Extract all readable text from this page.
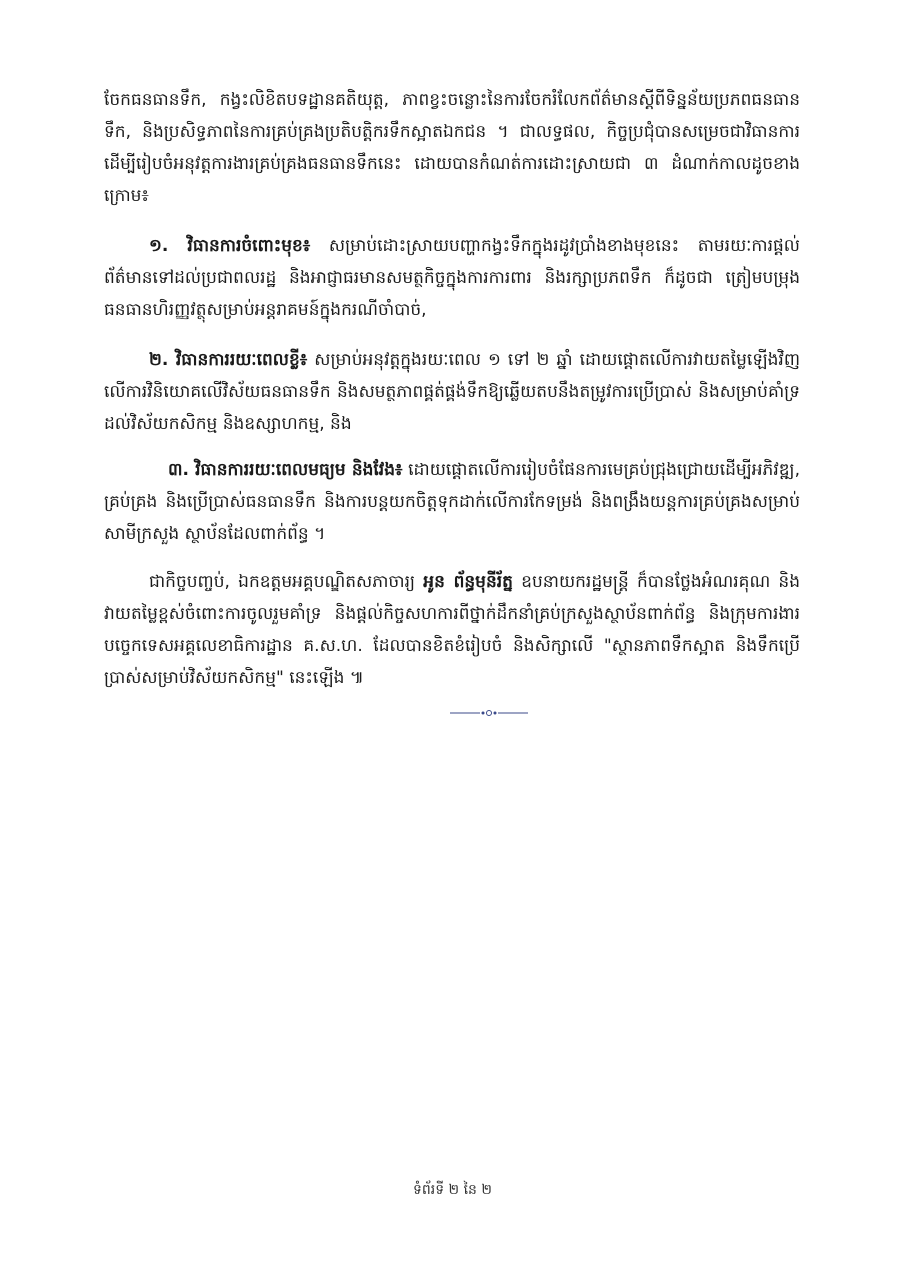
ចែកធនធានទឹក, កង្វះលិខិតបទដ្ឋានគតិយុត្ត, ភាពខ្វះចន្លោះនៃការចែករំលែកព័ត៌មានស្តីពីទិន្នន័យប្រភពធនធានទឹក, និងប្រសិទ្ធភាពនៃការគ្រប់គ្រងប្រតិបត្តិករទឹកស្អាតឯកជន ។ ជាលទ្ធផល, កិច្ចប្រជុំបានសម្រេចជាវិធានការ ដើម្បីរៀបចំអនុវត្តការងារគ្រប់គ្រងធនធានទឹកនេះ ដោយបានកំណត់ការដោះស្រាយជា ៣ ដំណាក់កាលដូចខាងក្រោម៖

១. វិធានការចំពោះមុខ៖ សម្រាប់ដោះស្រាយបញ្ហាកង្វះទឹកក្នុងរដូវប្រាំងខាងមុខនេះ តាមរយៈការផ្តល់ព័ត៌មានទៅដល់ប្រជាពលរដ្ឋ និងអាជ្ញាធរមានសមត្ថកិច្ចក្នុងការការពារ និងរក្សាប្រភពទឹក ក៏ដូចជា ត្រៀមបម្រុងធនធានហិរញ្ញវត្ថុសម្រាប់អន្តរាគមន៍ក្នុងករណីចាំបាច់,

២. វិធានការរយៈពេលខ្លី៖ សម្រាប់អនុវត្តក្នុងរយៈពេល ១ ទៅ ២ ឆ្នាំ ដោយផ្តោតលើការវាយតម្លៃឡើងវិញលើការវិនិយោគលើវិស័យធនធានទឹក និងសមត្ថភាពផ្គត់ផ្គង់ទឹកឱ្យឆ្លើយតបនឹងតម្រូវការប្រើប្រាស់ និងសម្រាប់គាំទ្រដល់វិស័យកសិកម្ម និងឧស្សាហកម្ម, និង

៣. វិធានការរយៈពេលមធ្យម និងវែង៖ ដោយផ្តោតលើការរៀបចំផែនការមេគ្រប់ជ្រុងជ្រោយដើម្បីអភិវឌ្ឍ, គ្រប់គ្រង និងប្រើប្រាស់ធនធានទឹក និងការបន្តយកចិត្តទុកដាក់លើការកែទម្រង់ និងពង្រឹងយន្តការគ្រប់គ្រងសម្រាប់សាមីក្រសួង ស្ថាប័នដែលពាក់ព័ន្ធ ។

ជាកិច្ចបញ្ចប់, ឯកឧត្តមអគ្គបណ្ឌិតសភាចារ្យ អូន ព័ន្ធមុនីរ័ត្ន ឧបនាយករដ្ឋមន្ត្រី ក៏បានថ្លែងអំណរគុណ និងវាយតម្លៃខ្ពស់ចំពោះការចូលរួមគាំទ្រ និងផ្តល់កិច្ចសហការពីថ្នាក់ដឹកនាំគ្រប់ក្រសួងស្ថាប័នពាក់ព័ន្ធ និងក្រុមការងារបច្ចេកទេសអគ្គលេខាធិការដ្ឋាន គ.ស.ហ. ដែលបានខិតខំរៀបចំ និងសិក្សាលើ "ស្ថានភាពទឹកស្អាត និងទឹកប្រើប្រាស់សម្រាប់វិស័យកសិកម្ម" នេះឡើង ៕

ទំព័រទី ២ នៃ ២
